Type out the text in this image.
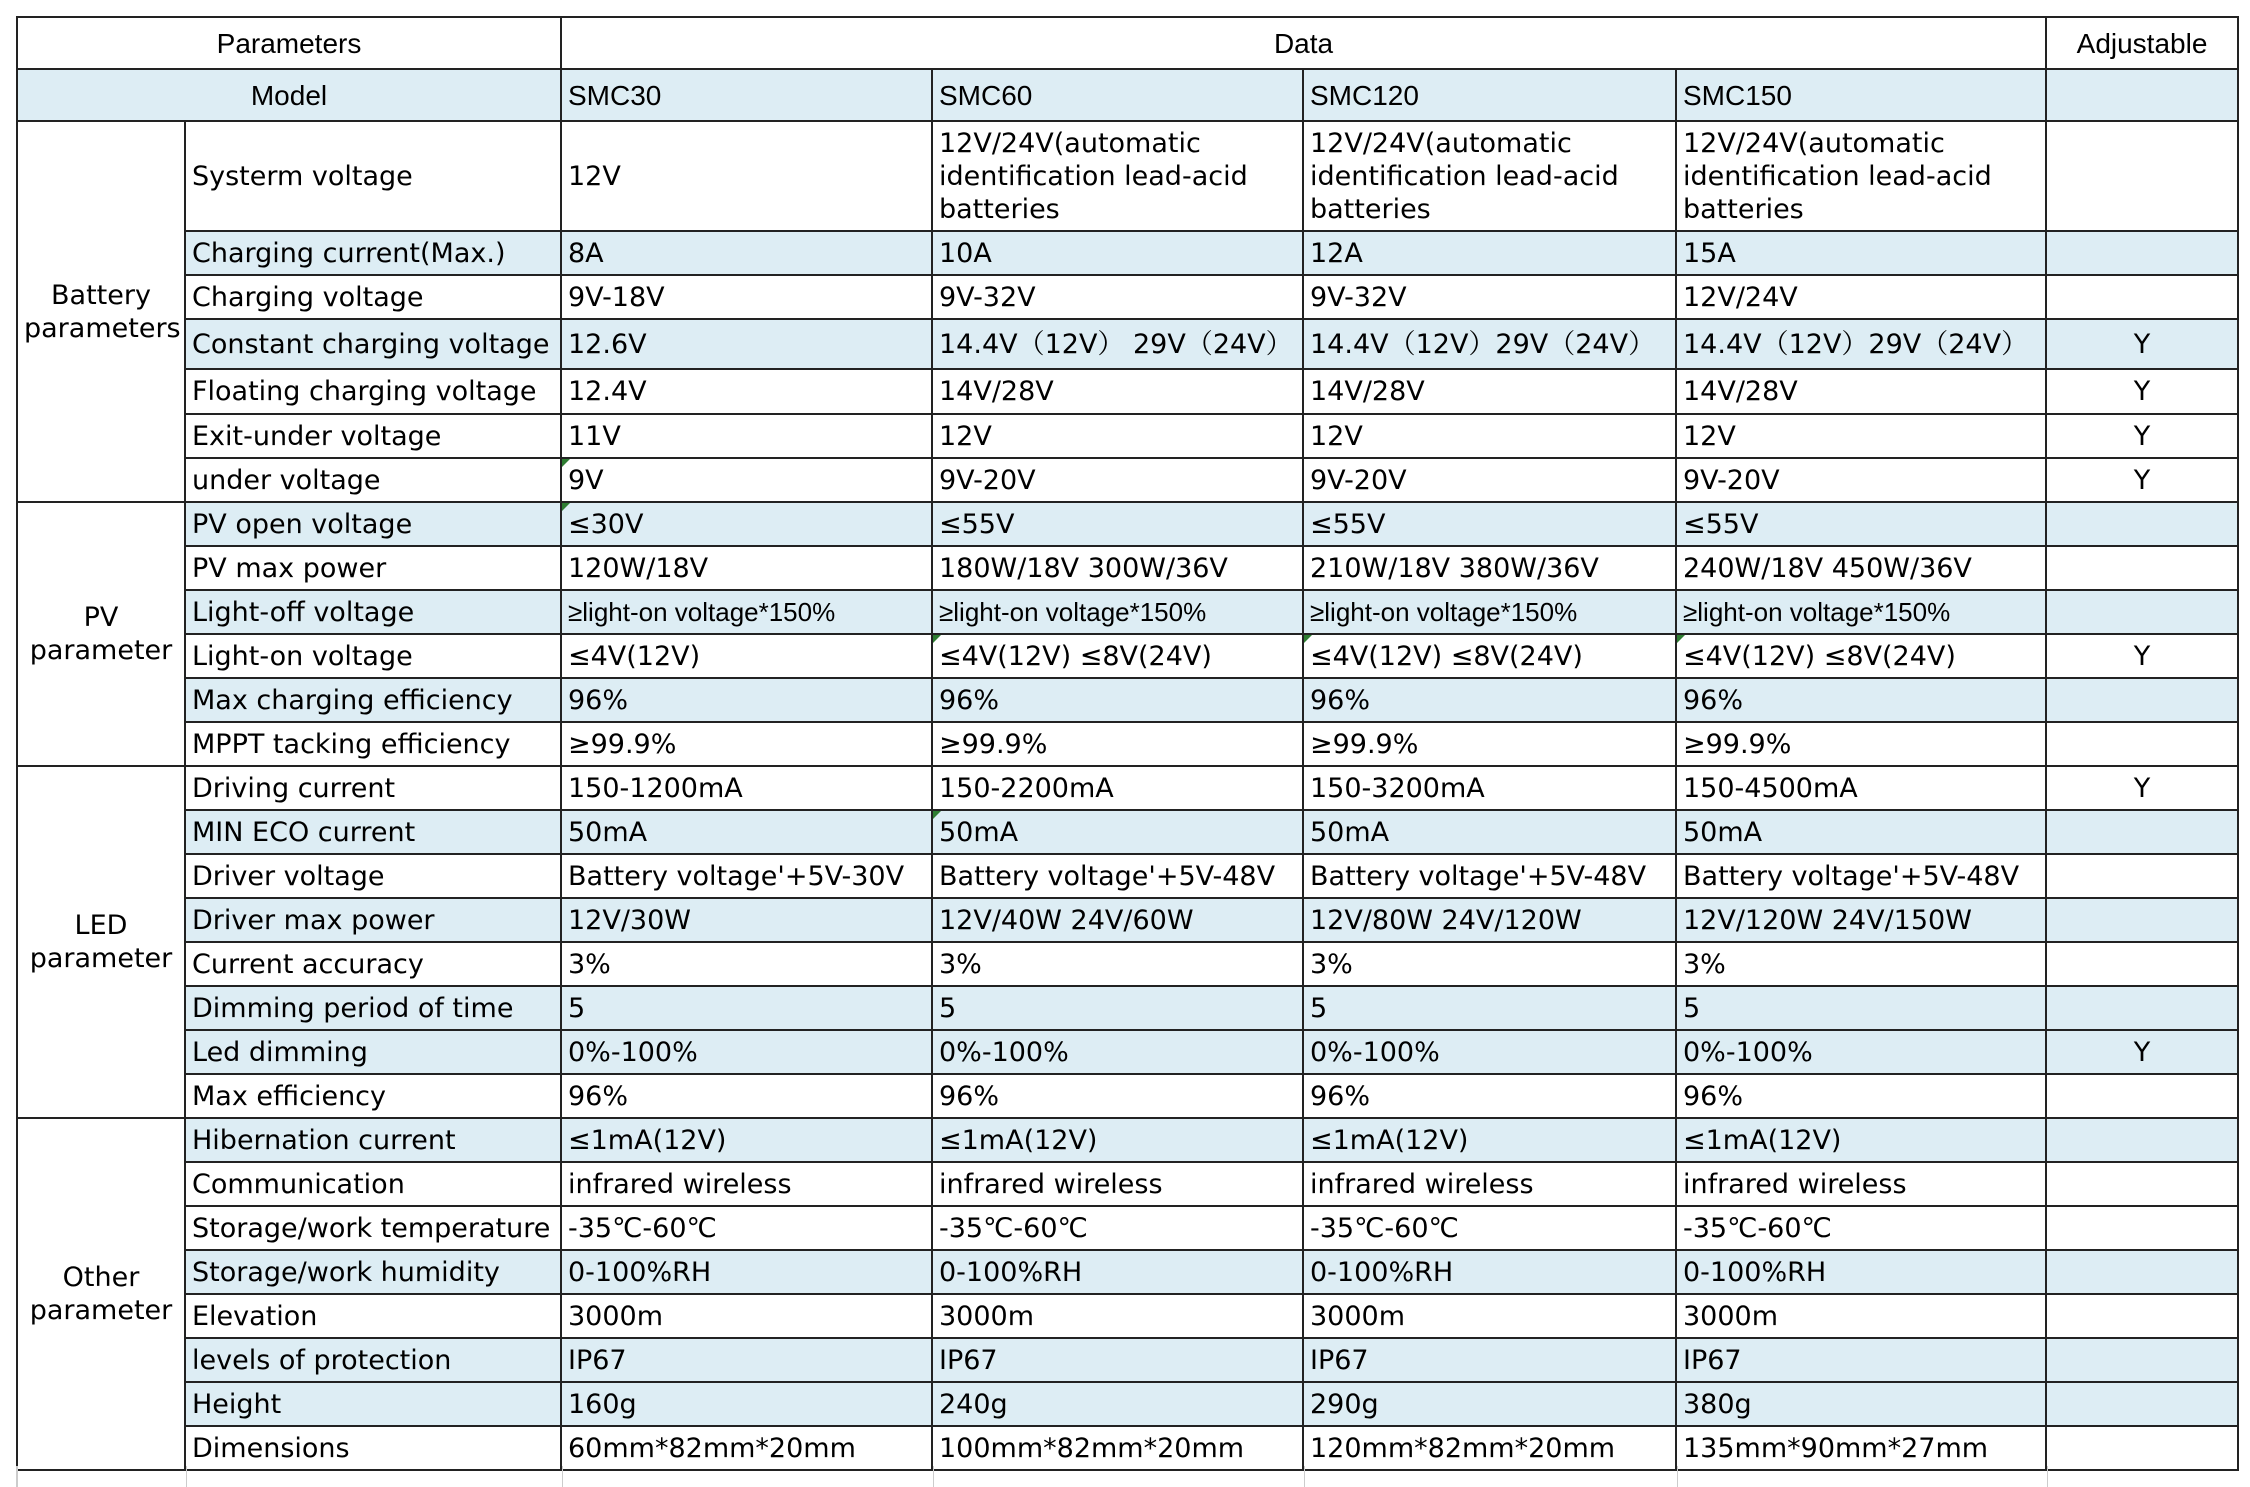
Parameters		Data				Adjustable
Model		SMC30	SMC60	SMC120	SMC150	
Battery parameters	Systerm voltage	12V	12V/24V(automatic identification lead-acid batteries	12V/24V(automatic identification lead-acid batteries	12V/24V(automatic identification lead-acid batteries	
	Charging current(Max.)	8A	10A	12A	15A	
	Charging voltage	9V-18V	9V-32V	9V-32V	12V/24V	
	Constant charging voltage	12.6V	14.4V（12V） 29V（24V）	14.4V（12V）29V（24V）	14.4V（12V）29V（24V）	Y
	Floating charging voltage	12.4V	14V/28V	14V/28V	14V/28V	Y
	Exit-under voltage	11V	12V	12V	12V	Y
	under voltage	9V	9V-20V	9V-20V	9V-20V	Y
PV parameter	PV open voltage	≤30V	≤55V	≤55V	≤55V	
	PV max power	120W/18V	180W/18V 300W/36V	210W/18V 380W/36V	240W/18V 450W/36V	
	Light-off voltage	≥light-on voltage*150%	≥light-on voltage*150%	≥light-on voltage*150%	≥light-on voltage*150%	
	Light-on voltage	≤4V(12V)	≤4V(12V) ≤8V(24V)	≤4V(12V) ≤8V(24V)	≤4V(12V) ≤8V(24V)	Y
	Max charging efficiency	96%	96%	96%	96%	
	MPPT tacking efficiency	≥99.9%	≥99.9%	≥99.9%	≥99.9%	
LED parameter	Driving current	150-1200mA	150-2200mA	150-3200mA	150-4500mA	Y
	MIN ECO current	50mA	50mA	50mA	50mA	
	Driver voltage	Battery voltage'+5V-30V	Battery voltage'+5V-48V	Battery voltage'+5V-48V	Battery voltage'+5V-48V	
	Driver max power	12V/30W	12V/40W 24V/60W	12V/80W 24V/120W	12V/120W 24V/150W	
	Current accuracy	3%	3%	3%	3%	
	Dimming period of time	5	5	5	5	
	Led dimming	0%-100%	0%-100%	0%-100%	0%-100%	Y
	Max efficiency	96%	96%	96%	96%	
Other parameter	Hibernation current	≤1mA(12V)	≤1mA(12V)	≤1mA(12V)	≤1mA(12V)	
	Communication	infrared wireless	infrared wireless	infrared wireless	infrared wireless	
	Storage/work temperature	-35℃-60℃	-35℃-60℃	-35℃-60℃	-35℃-60℃	
	Storage/work humidity	0-100%RH	0-100%RH	0-100%RH	0-100%RH	
	Elevation	3000m	3000m	3000m	3000m	
	levels of protection	IP67	IP67	IP67	IP67	
	Height	160g	240g	290g	380g	
	Dimensions	60mm*82mm*20mm	100mm*82mm*20mm	120mm*82mm*20mm	135mm*90mm*27mm	
